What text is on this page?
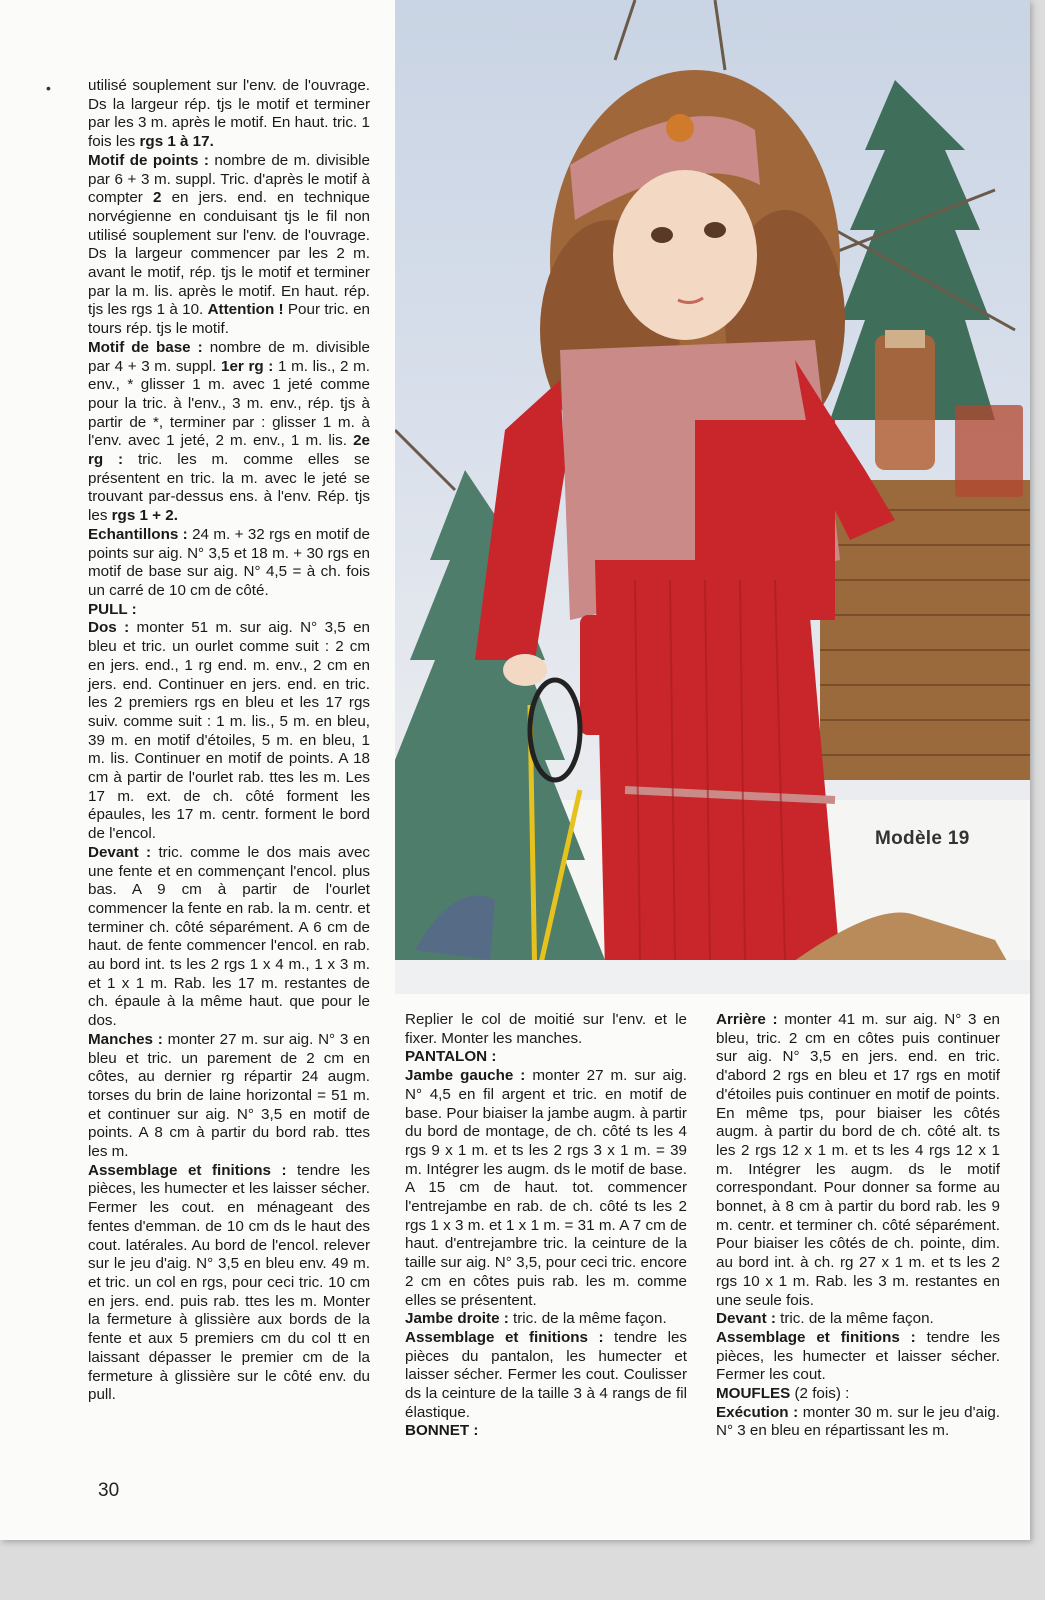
• utilisé souplement sur l'env. de l'ouvrage. Ds la largeur rép. tjs le motif et terminer par les 3 m. après le motif. En haut. tric. 1 fois les rgs 1 à 17.

Motif de points : nombre de m. divisible par 6 + 3 m. suppl. Tric. d'après le motif à compter 2 en jers. end. en technique norvégienne en conduisant tjs le fil non utilisé souplement sur l'env. de l'ouvrage. Ds la largeur commencer par les 2 m. avant le motif, rép. tjs le motif et terminer par la m. lis. après le motif. En haut. rép. tjs les rgs 1 à 10. Attention ! Pour tric. en tours rép. tjs le motif.

Motif de base : nombre de m. divisible par 4 + 3 m. suppl. 1er rg : 1 m. lis., 2 m. env., * glisser 1 m. avec 1 jeté comme pour la tric. à l'env., 3 m. env., rép. tjs à partir de *, terminer par : glisser 1 m. à l'env. avec 1 jeté, 2 m. env., 1 m. lis. 2e rg : tric. les m. comme elles se présentent en tric. la m. avec le jeté se trouvant par-dessus ens. à l'env. Rép. tjs les rgs 1 + 2.

Echantillons : 24 m. + 32 rgs en motif de points sur aig. N° 3,5 et 18 m. + 30 rgs en motif de base sur aig. N° 4,5 = à ch. fois un carré de 10 cm de côté.

PULL :

Dos : monter 51 m. sur aig. N° 3,5 en bleu et tric. un ourlet comme suit : 2 cm en jers. end., 1 rg end. m. env., 2 cm en jers. end. Continuer en jers. end. en tric. les 2 premiers rgs en bleu et les 17 rgs suiv. comme suit : 1 m. lis., 5 m. en bleu, 39 m. en motif d'étoiles, 5 m. en bleu, 1 m. lis. Continuer en motif de points. A 18 cm à partir de l'ourlet rab. ttes les m. Les 17 m. ext. de ch. côté forment les épaules, les 17 m. centr. forment le bord de l'encol.

Devant : tric. comme le dos mais avec une fente et en commençant l'encol. plus bas. A 9 cm à partir de l'ourlet commencer la fente en rab. la m. centr. et terminer ch. côté séparément. A 6 cm de haut. de fente commencer l'encol. en rab. au bord int. ts les 2 rgs 1 x 4 m., 1 x 3 m. et 1 x 1 m. Rab. les 17 m. restantes de ch. épaule à la même haut. que pour le dos.

Manches : monter 27 m. sur aig. N° 3 en bleu et tric. un parement de 2 cm en côtes, au dernier rg répartir 24 augm. torses du brin de laine horizontal = 51 m. et continuer sur aig. N° 3,5 en motif de points. A 8 cm à partir du bord rab. ttes les m.

Assemblage et finitions : tendre les pièces, les humecter et les laisser sécher. Fermer les cout. en ménageant des fentes d'emman. de 10 cm ds le haut des cout. latérales. Au bord de l'encol. relever sur le jeu d'aig. N° 3,5 en bleu env. 49 m. et tric. un col en rgs, pour ceci tric. 10 cm en jers. end. puis rab. ttes les m. Monter la fermeture à glissière aux bords de la fente et aux 5 premiers cm du col tt en laissant dépasser le premier cm de la fermeture à glissière sur le côté env. du pull.

Modèle 19

Replier le col de moitié sur l'env. et le fixer. Monter les manches.

PANTALON :

Jambe gauche : monter 27 m. sur aig. N° 4,5 en fil argent et tric. en motif de base. Pour biaiser la jambe augm. à partir du bord de montage, de ch. côté ts les 4 rgs 9 x 1 m. et ts les 2 rgs 3 x 1 m. = 39 m. Intégrer les augm. ds le motif de base. A 15 cm de haut. tot. commencer l'entrejambe en rab. de ch. côté ts les 2 rgs 1 x 3 m. et 1 x 1 m. = 31 m. A 7 cm de haut. d'entrejambre tric. la ceinture de la taille sur aig. N° 3,5, pour ceci tric. encore 2 cm en côtes puis rab. les m. comme elles se présentent.

Jambe droite : tric. de la même façon.

Assemblage et finitions : tendre les pièces du pantalon, les humecter et laisser sécher. Fermer les cout. Coulisser ds la ceinture de la taille 3 à 4 rangs de fil élastique.

BONNET :

Arrière : monter 41 m. sur aig. N° 3 en bleu, tric. 2 cm en côtes puis continuer sur aig. N° 3,5 en jers. end. en tric. d'abord 2 rgs en bleu et 17 rgs en motif d'étoiles puis continuer en motif de points. En même tps, pour biaiser les côtés augm. à partir du bord de ch. côté alt. ts les 2 rgs 12 x 1 m. et ts les 4 rgs 12 x 1 m. Intégrer les augm. ds le motif correspondant. Pour donner sa forme au bonnet, à 8 cm à partir du bord rab. les 9 m. centr. et terminer ch. côté séparément. Pour biaiser les côtés de ch. pointe, dim. au bord int. à ch. rg 27 x 1 m. et ts les 2 rgs 10 x 1 m. Rab. les 3 m. restantes en une seule fois.

Devant : tric. de la même façon.

Assemblage et finitions : tendre les pièces, les humecter et laisser sécher. Fermer les cout.

MOUFLES (2 fois) :

Exécution : monter 30 m. sur le jeu d'aig. N° 3 en bleu en répartissant les m.

30
